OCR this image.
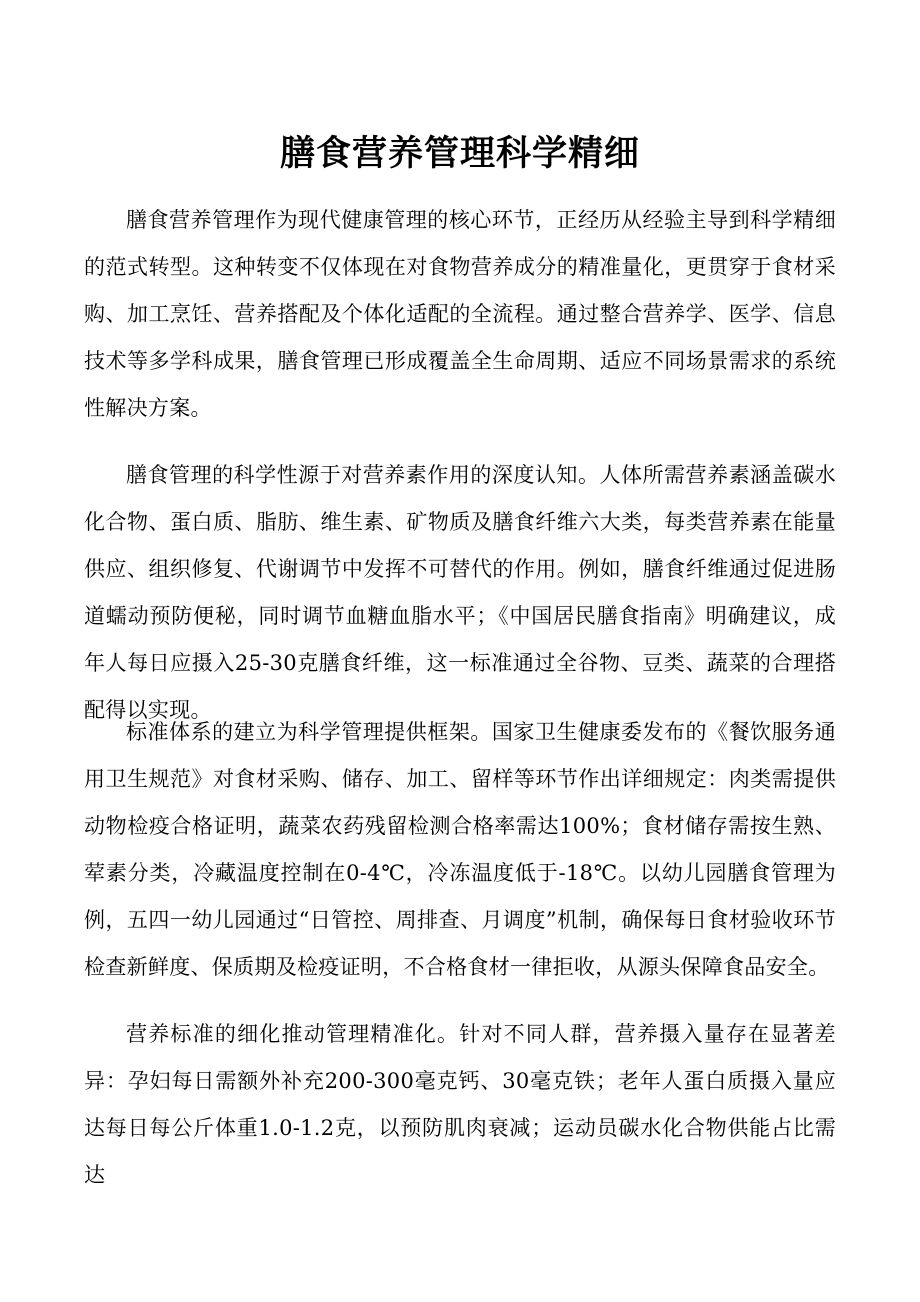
膳食营养管理科学精细

膳食营养管理作为现代健康管理的核心环节，正经历从经验主导到科学精细的范式转型。这种转变不仅体现在对食物营养成分的精准量化，更贯穿于食材采购、加工烹饪、营养搭配及个体化适配的全流程。通过整合营养学、医学、信息技术等多学科成果，膳食管理已形成覆盖全生命周期、适应不同场景需求的系统性解决方案。

膳食管理的科学性源于对营养素作用的深度认知。人体所需营养素涵盖碳水化合物、蛋白质、脂肪、维生素、矿物质及膳食纤维六大类，每类营养素在能量供应、组织修复、代谢调节中发挥不可替代的作用。例如，膳食纤维通过促进肠道蠕动预防便秘，同时调节血糖血脂水平；《中国居民膳食指南》明确建议，成年人每日应摄入25-30克膳食纤维，这一标准通过全谷物、豆类、蔬菜的合理搭配得以实现。

标准体系的建立为科学管理提供框架。国家卫生健康委发布的《餐饮服务通用卫生规范》对食材采购、储存、加工、留样等环节作出详细规定：肉类需提供动物检疫合格证明，蔬菜农药残留检测合格率需达100%；食材储存需按生熟、荤素分类，冷藏温度控制在0-4℃，冷冻温度低于-18℃。以幼儿园膳食管理为例，五四一幼儿园通过“日管控、周排查、月调度”机制，确保每日食材验收环节检查新鲜度、保质期及检疫证明，不合格食材一律拒收，从源头保障食品安全。

营养标准的细化推动管理精准化。针对不同人群，营养摄入量存在显著差异：孕妇每日需额外补充200-300毫克钙、30毫克铁；老年人蛋白质摄入量应达每日每公斤体重1.0-1.2克，以预防肌肉衰减；运动员碳水化合物供能占比需达
